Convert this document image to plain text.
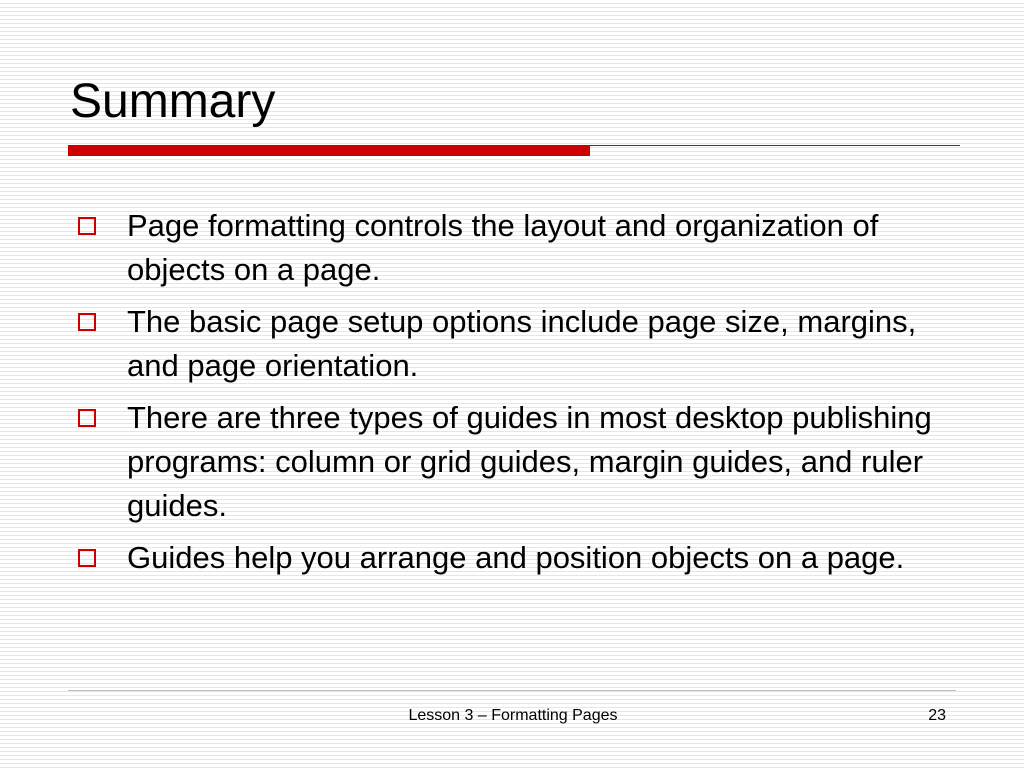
Summary
Page formatting controls the layout and organization of objects on a page.
The basic page setup options include page size, margins, and page orientation.
There are three types of guides in most desktop publishing programs: column or grid guides, margin guides, and ruler guides.
Guides help you arrange and position objects on a page.
Lesson 3 – Formatting Pages	23
